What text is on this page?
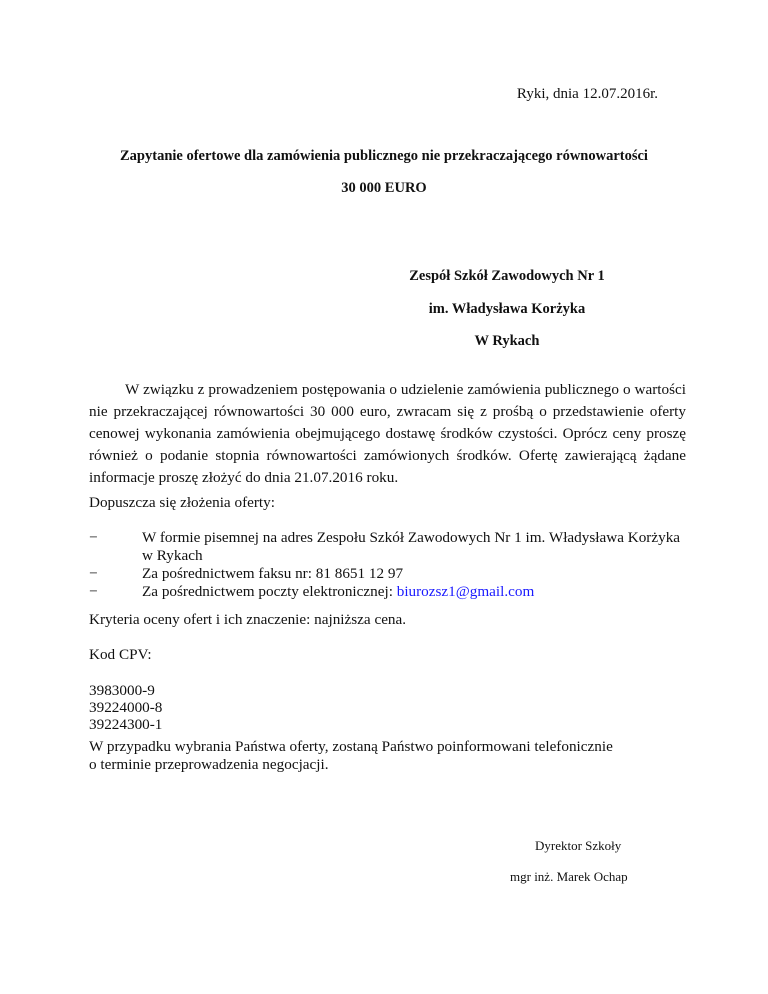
Ryki, dnia 12.07.2016r.
Zapytanie ofertowe dla zamówienia publicznego nie przekraczającego równowartości
30 000 EURO
Zespół Szkół Zawodowych Nr 1
im. Władysława Korżyka
W Rykach
W związku z prowadzeniem postępowania o udzielenie zamówienia publicznego o wartości nie przekraczającej równowartości 30 000 euro, zwracam się z prośbą o przedstawienie oferty cenowej wykonania zamówienia obejmującego dostawę środków czystości. Oprócz ceny proszę również o podanie stopnia równowartości zamówionych środków. Ofertę zawierającą żądane informacje proszę złożyć do dnia 21.07.2016 roku.
Dopuszcza się złożenia oferty:
−	W formie pisemnej na adres Zespołu Szkół Zawodowych Nr 1 im. Władysława Korżyka w Rykach
−	Za pośrednictwem faksu nr: 81 8651 12 97
−	Za pośrednictwem poczty elektronicznej: biurozsz1@gmail.com
Kryteria oceny ofert i ich znaczenie: najniższa cena.
Kod CPV:
3983000-9
39224000-8
39224300-1
W przypadku wybrania Państwa oferty, zostaną Państwo poinformowani telefonicznie
o terminie przeprowadzenia negocjacji.
Dyrektor Szkoły
mgr inż. Marek Ochap
